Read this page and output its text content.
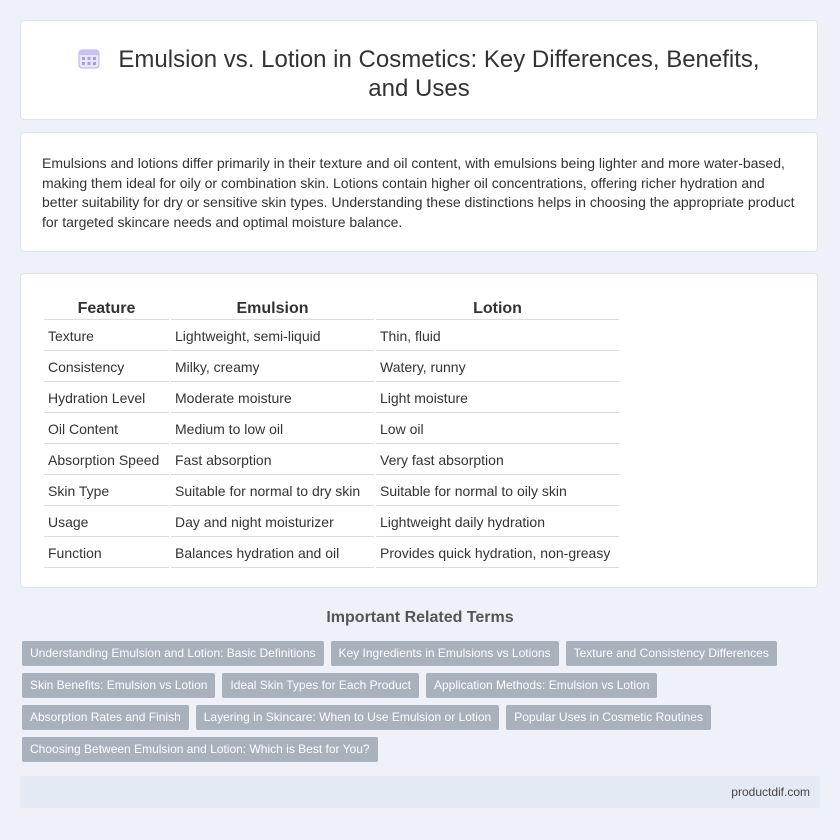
Emulsion vs. Lotion in Cosmetics: Key Differences, Benefits, and Uses

Emulsions and lotions differ primarily in their texture and oil content, with emulsions being lighter and more water-based, making them ideal for oily or combination skin. Lotions contain higher oil concentrations, offering richer hydration and better suitability for dry or sensitive skin types. Understanding these distinctions helps in choosing the appropriate product for targeted skincare needs and optimal moisture balance.

Feature	Emulsion	Lotion
Texture	Lightweight, semi-liquid	Thin, fluid
Consistency	Milky, creamy	Watery, runny
Hydration Level	Moderate moisture	Light moisture
Oil Content	Medium to low oil	Low oil
Absorption Speed	Fast absorption	Very fast absorption
Skin Type	Suitable for normal to dry skin	Suitable for normal to oily skin
Usage	Day and night moisturizer	Lightweight daily hydration
Function	Balances hydration and oil	Provides quick hydration, non-greasy
Important Related Terms
Understanding Emulsion and Lotion: Basic Definitions	Key Ingredients in Emulsions vs Lotions	Texture and Consistency Differences
Skin Benefits: Emulsion vs Lotion	Ideal Skin Types for Each Product	Application Methods: Emulsion vs Lotion
Absorption Rates and Finish	Layering in Skincare: When to Use Emulsion or Lotion	Popular Uses in Cosmetic Routines
Choosing Between Emulsion and Lotion: Which is Best for You?
productdif.com
